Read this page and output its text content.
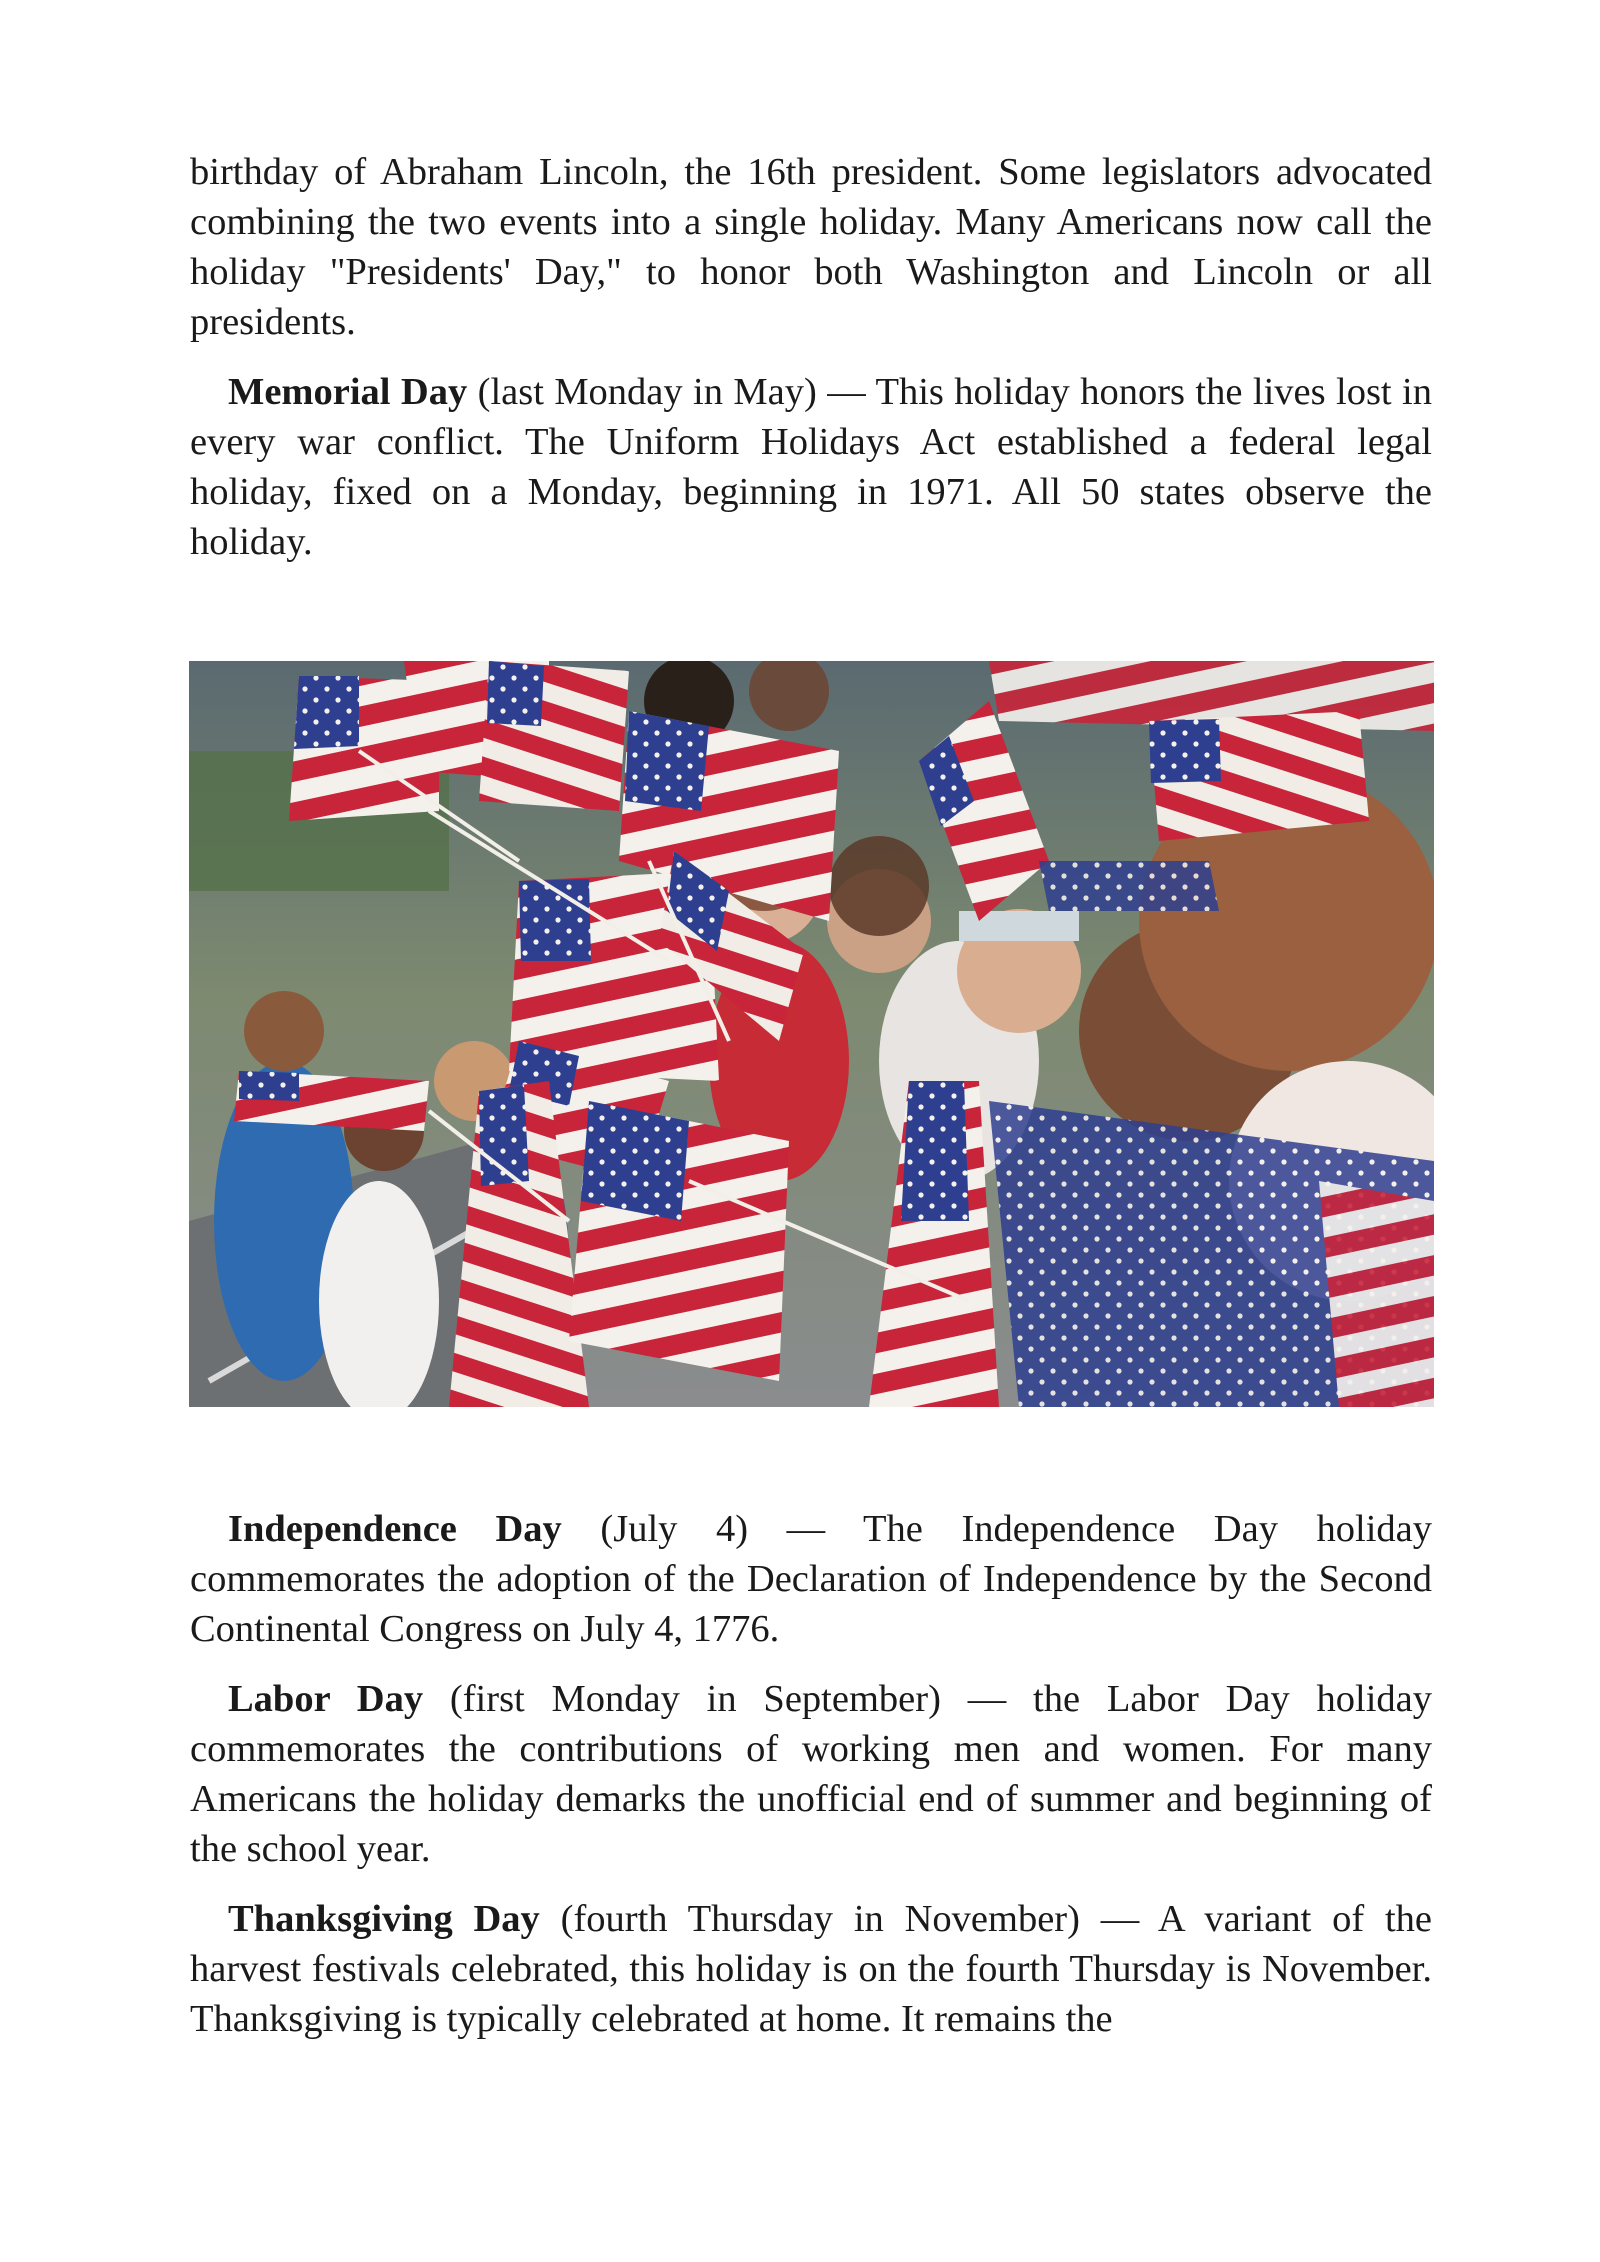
birthday of Abraham Lincoln, the 16th president. Some legislators advocated combining the two events into a single holiday. Many Americans now call the holiday "Presidents' Day," to honor both Washington and Lincoln or all presidents.

Memorial Day (last Monday in May) — This holiday honors the lives lost in every war conflict. The Uniform Holidays Act established a federal legal holiday, fixed on a Monday, beginning in 1971. All 50 states observe the holiday.

Independence Day (July 4) — The Independence Day holiday commemorates the adoption of the Declaration of Independence by the Second Continental Congress on July 4, 1776.

Labor Day (first Monday in September) — the Labor Day holiday commemorates the contributions of working men and women. For many Americans the holiday demarks the unofficial end of summer and beginning of the school year.

Thanksgiving Day (fourth Thursday in November) — A variant of the harvest festivals celebrated, this holiday is on the fourth Thursday is November. Thanksgiving is typically celebrated at home. It remains the
